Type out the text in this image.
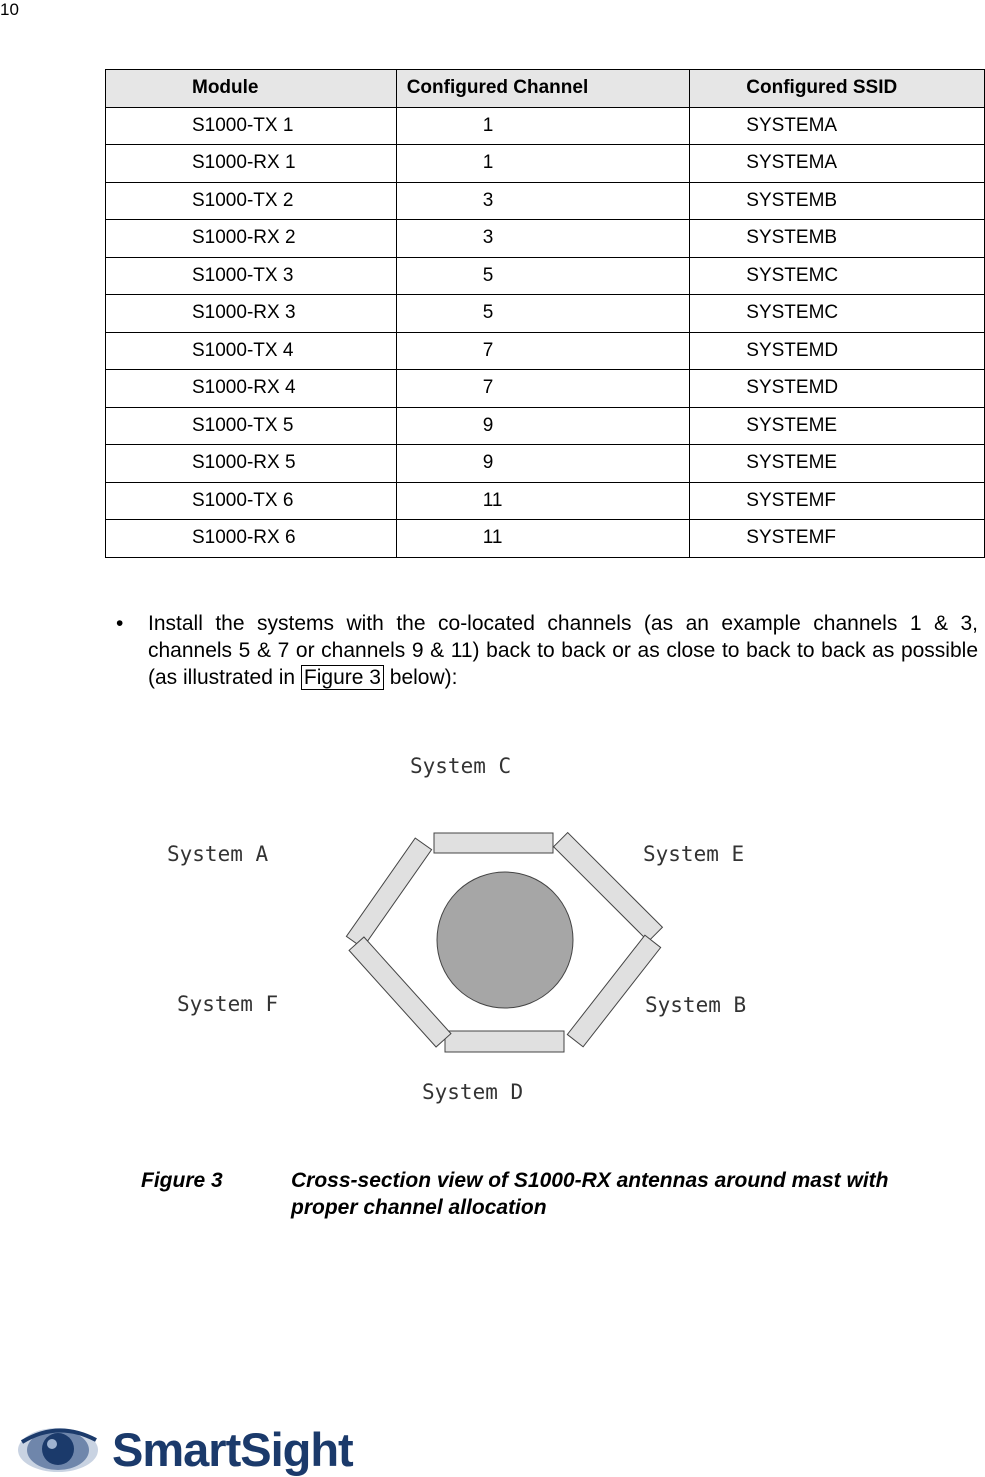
10
Module	Configured Channel	Configured SSID
S1000-TX 1	1	SYSTEMA
S1000-RX 1	1	SYSTEMA
S1000-TX 2	3	SYSTEMB
S1000-RX 2	3	SYSTEMB
S1000-TX 3	5	SYSTEMC
S1000-RX 3	5	SYSTEMC
S1000-TX 4	7	SYSTEMD
S1000-RX 4	7	SYSTEMD
S1000-TX 5	9	SYSTEME
S1000-RX 5	9	SYSTEME
S1000-TX 6	11	SYSTEMF
S1000-RX 6	11	SYSTEMF
• Install the systems with the co-located channels (as an example channels 1 & 3, channels 5 & 7 or channels 9 & 11) back to back or as close to back to back as possible (as illustrated in Figure 3 below):
System C
System A	System E
System F	System B
System D
Figure 3	Cross-section view of S1000-RX antennas around mast with proper channel allocation
SmartSight
